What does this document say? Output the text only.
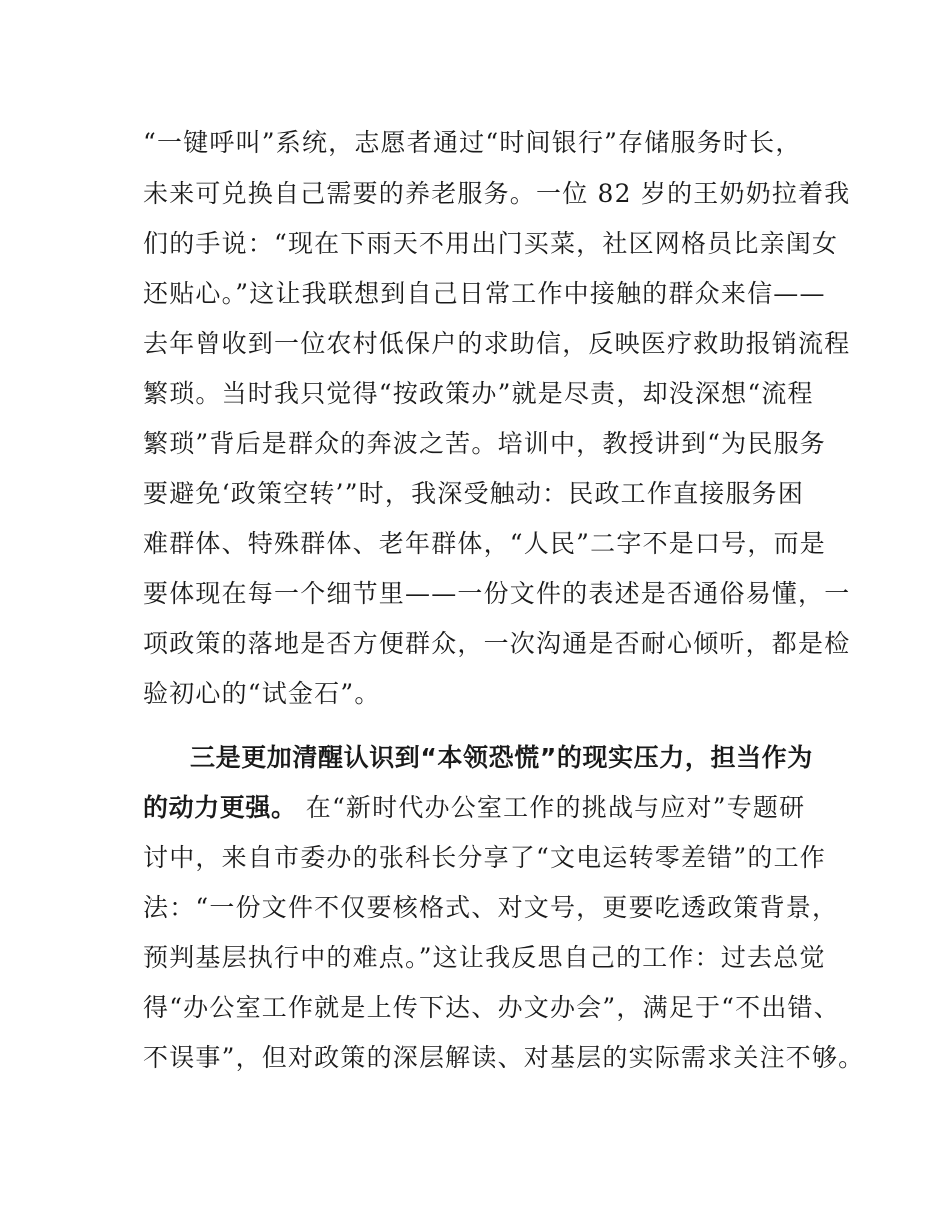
“一键呼叫”系统，志愿者通过“时间银行”存储服务时长，
未来可兑换自己需要的养老服务。一位 82 岁的王奶奶拉着我
们的手说：“现在下雨天不用出门买菜，社区网格员比亲闺女
还贴心。”这让我联想到自己日常工作中接触的群众来信——
去年曾收到一位农村低保户的求助信，反映医疗救助报销流程
繁琐。当时我只觉得“按政策办”就是尽责，却没深想“流程
繁琐”背后是群众的奔波之苦。培训中，教授讲到“为民服务
要避免‘政策空转’”时，我深受触动：民政工作直接服务困
难群体、特殊群体、老年群体，“人民”二字不是口号，而是
要体现在每一个细节里——一份文件的表述是否通俗易懂，一
项政策的落地是否方便群众，一次沟通是否耐心倾听，都是检
验初心的“试金石”。
三是更加清醒认识到“本领恐慌”的现实压力，担当作为
的动力更强。 在“新时代办公室工作的挑战与应对”专题研
讨中，来自市委办的张科长分享了“文电运转零差错”的工作
法：“一份文件不仅要核格式、对文号，更要吃透政策背景，
预判基层执行中的难点。”这让我反思自己的工作：过去总觉
得“办公室工作就是上传下达、办文办会”，满足于“不出错、
不误事”，但对政策的深层解读、对基层的实际需求关注不够。
